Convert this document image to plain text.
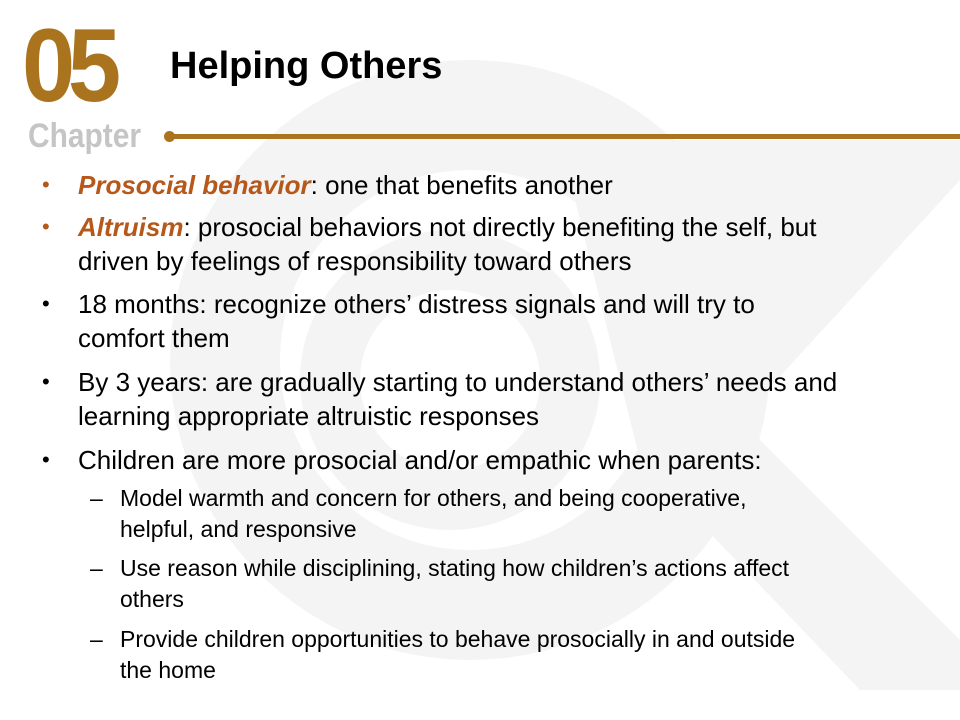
05
Chapter
Helping Others
• Prosocial behavior: one that benefits another
• Altruism: prosocial behaviors not directly benefiting the self, but
driven by feelings of responsibility toward others
• 18 months: recognize others’ distress signals and will try to
comfort them
• By 3 years: are gradually starting to understand others’ needs and
learning appropriate altruistic responses
• Children are more prosocial and/or empathic when parents:
– Model warmth and concern for others, and being cooperative,
helpful, and responsive
– Use reason while disciplining, stating how children’s actions affect
others
– Provide children opportunities to behave prosocially in and outside
the home
